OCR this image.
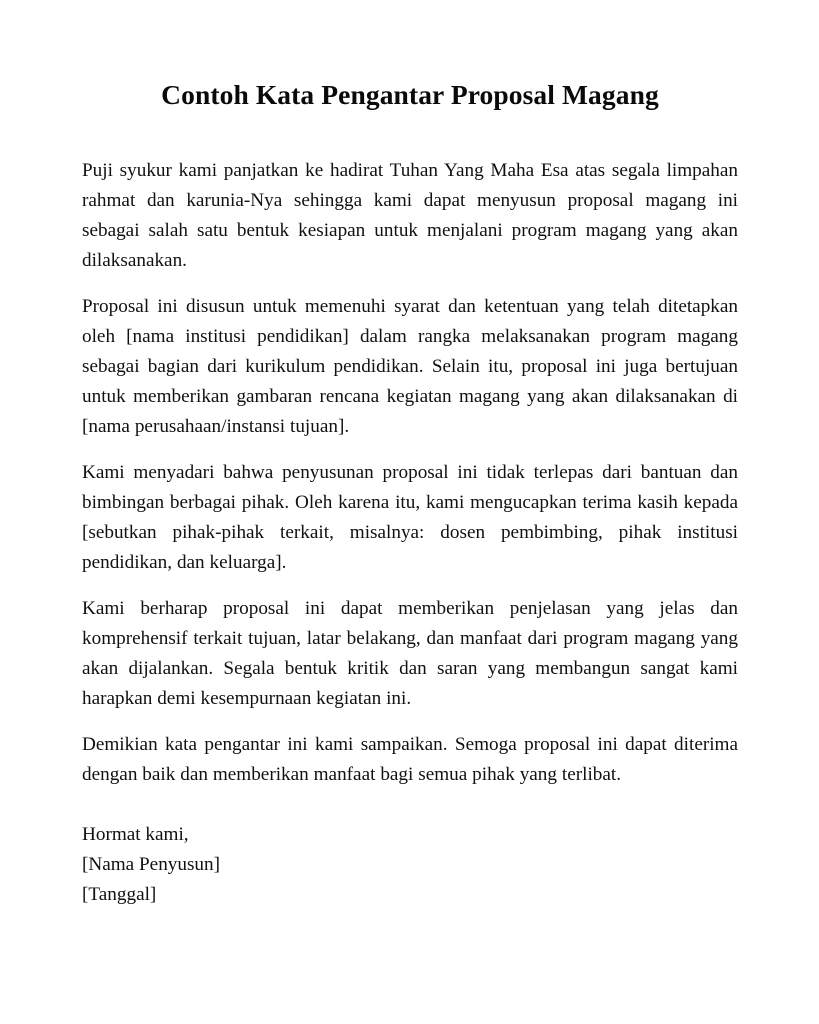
Contoh Kata Pengantar Proposal Magang

Puji syukur kami panjatkan ke hadirat Tuhan Yang Maha Esa atas segala limpahan rahmat dan karunia-Nya sehingga kami dapat menyusun proposal magang ini sebagai salah satu bentuk kesiapan untuk menjalani program magang yang akan dilaksanakan.

Proposal ini disusun untuk memenuhi syarat dan ketentuan yang telah ditetapkan oleh [nama institusi pendidikan] dalam rangka melaksanakan program magang sebagai bagian dari kurikulum pendidikan. Selain itu, proposal ini juga bertujuan untuk memberikan gambaran rencana kegiatan magang yang akan dilaksanakan di [nama perusahaan/instansi tujuan].

Kami menyadari bahwa penyusunan proposal ini tidak terlepas dari bantuan dan bimbingan berbagai pihak. Oleh karena itu, kami mengucapkan terima kasih kepada [sebutkan pihak-pihak terkait, misalnya: dosen pembimbing, pihak institusi pendidikan, dan keluarga].

Kami berharap proposal ini dapat memberikan penjelasan yang jelas dan komprehensif terkait tujuan, latar belakang, dan manfaat dari program magang yang akan dijalankan. Segala bentuk kritik dan saran yang membangun sangat kami harapkan demi kesempurnaan kegiatan ini.

Demikian kata pengantar ini kami sampaikan. Semoga proposal ini dapat diterima dengan baik dan memberikan manfaat bagi semua pihak yang terlibat.

Hormat kami,

[Nama Penyusun]

[Tanggal]
